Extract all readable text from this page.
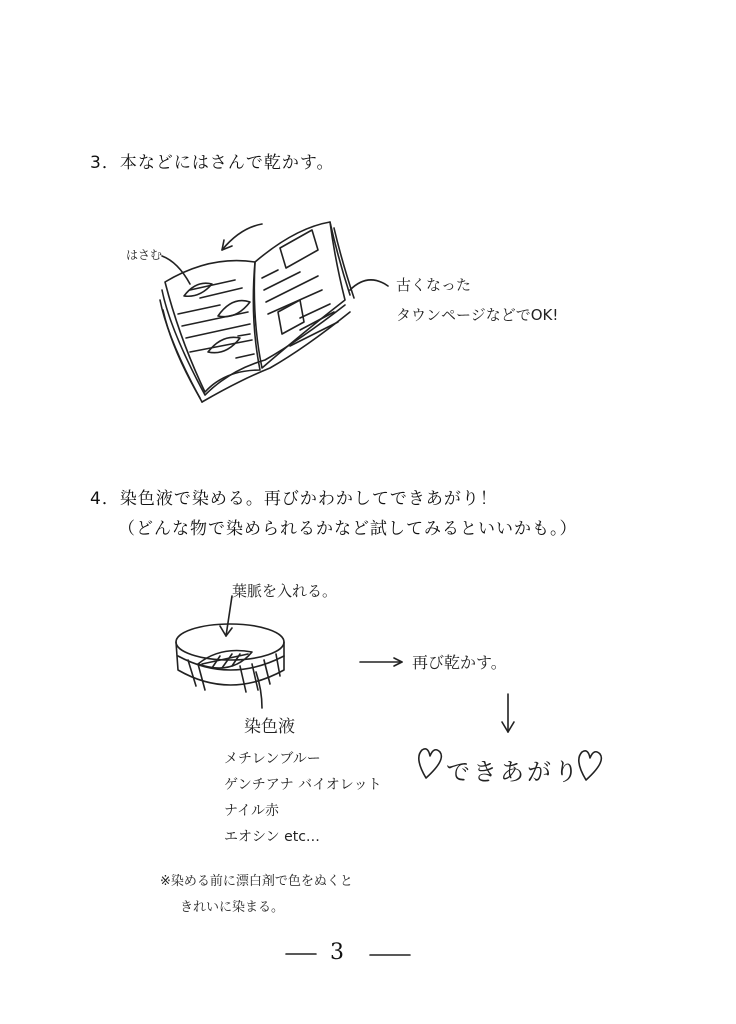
3．本などにはさんで乾かす。
はさむ
古くなった
タウンページなどでOK!
4．染色液で染める。再びかわかしてできあがり！
（どんな物で染められるかなど試してみるといいかも。）
葉脈を入れる。
再び乾かす。
染色液
メチレンブルー
ゲンチアナ バイオレット
ナイル赤
エオシン etc…
できあがり
※染める前に漂白剤で色をぬくと
きれいに染まる。
3
